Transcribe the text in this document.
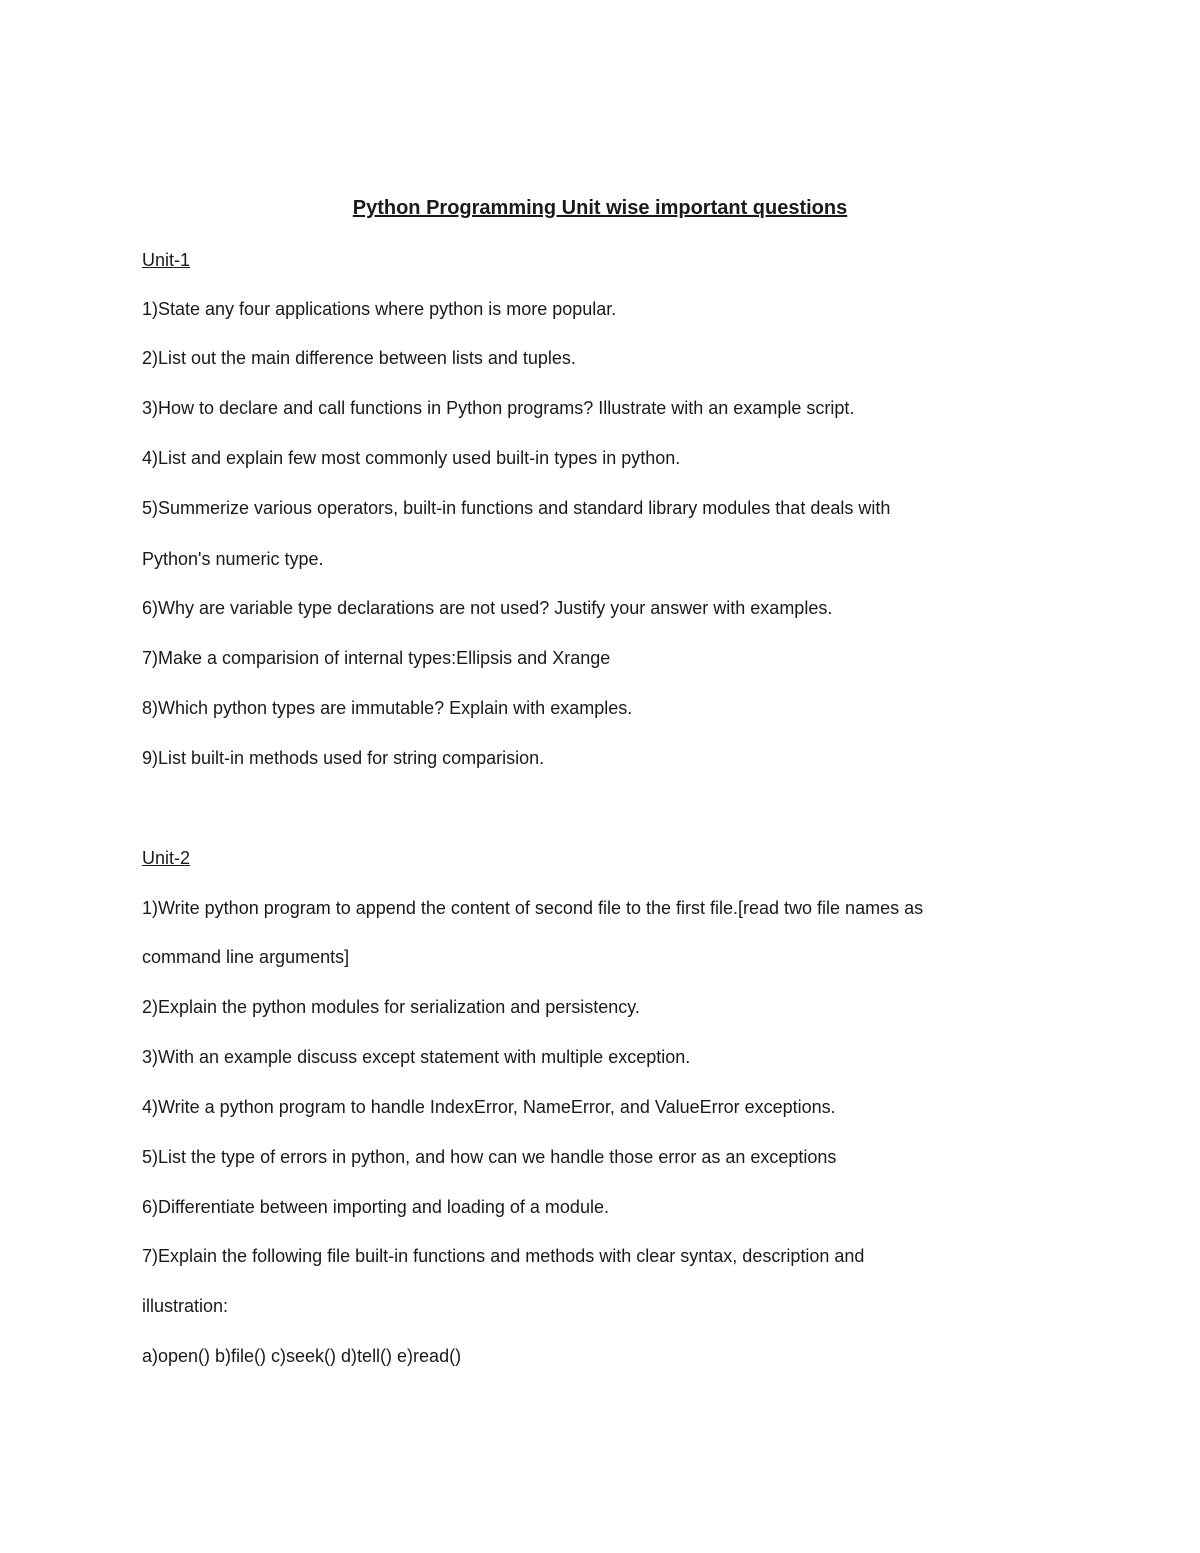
Python Programming Unit wise important questions
Unit-1
1)State any four applications where python is more popular.
2)List out the main difference between lists and tuples.
3)How to declare and call functions in Python programs? Illustrate with an example script.
4)List and explain few most commonly used built-in types in python.
5)Summerize various operators, built-in functions and standard library modules that deals with
Python's numeric type.
6)Why are variable type declarations are not used? Justify your answer with examples.
7)Make a comparision of internal types:Ellipsis and Xrange
8)Which python types are immutable? Explain with examples.
9)List built-in methods used for string comparision.
Unit-2
1)Write python program to append the content of second file to the first file.[read two file names as
command line arguments]
2)Explain the python modules for serialization and persistency.
3)With an example discuss except statement with multiple exception.
4)Write a python program to handle IndexError, NameError, and ValueError exceptions.
5)List the type of errors in python, and how can we handle those error as an exceptions
6)Differentiate between importing and loading of a module.
7)Explain the following file built-in functions and methods with clear syntax, description and
illustration:
a)open() b)file() c)seek() d)tell() e)read()
